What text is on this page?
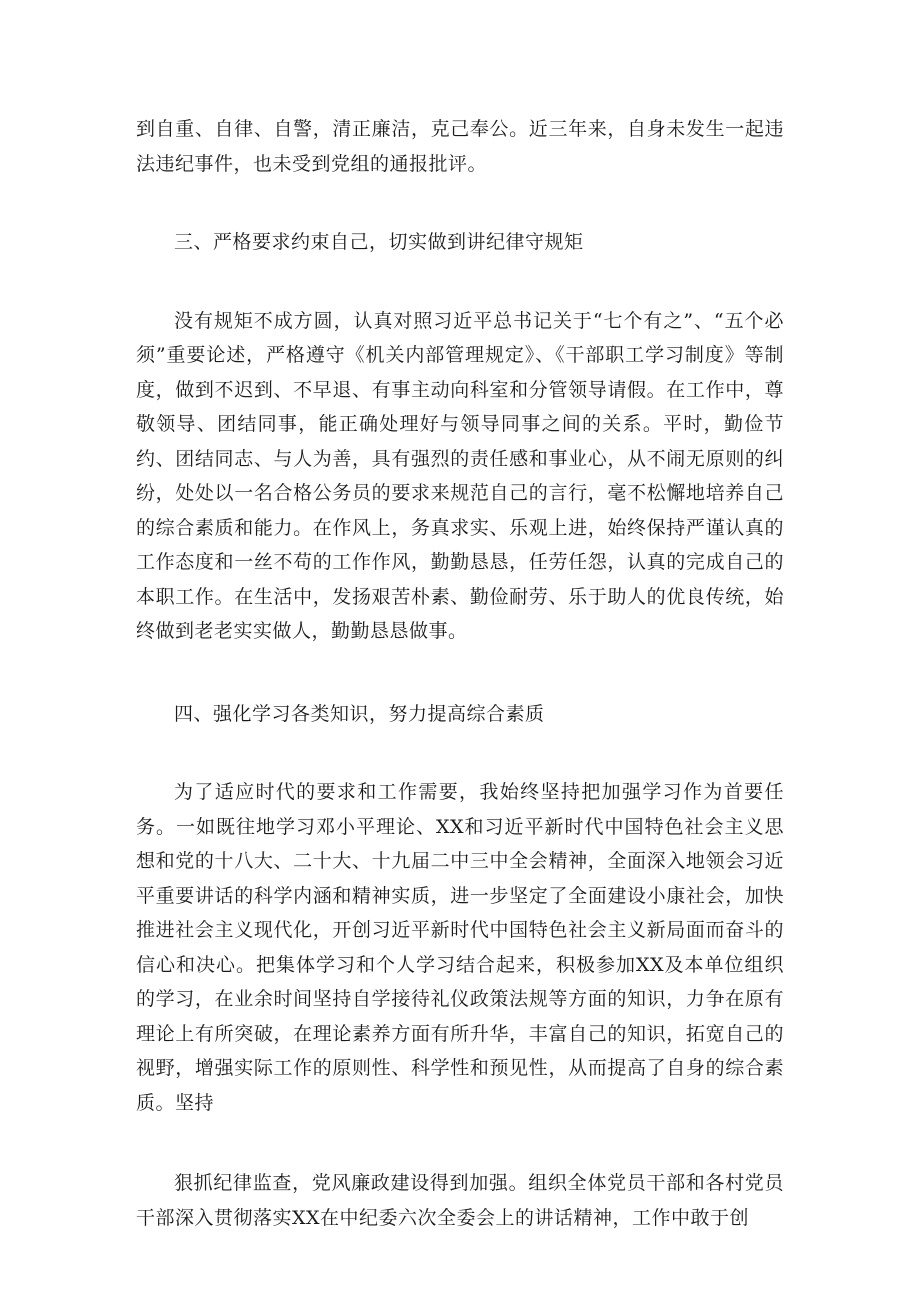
到自重、自律、自警，清正廉洁，克己奉公。近三年来，自身未发生一起违法违纪事件，也未受到党组的通报批评。

三、严格要求约束自己，切实做到讲纪律守规矩

没有规矩不成方圆，认真对照习近平总书记关于“七个有之”、“五个必须”重要论述，严格遵守《机关内部管理规定》、《干部职工学习制度》等制度，做到不迟到、不早退、有事主动向科室和分管领导请假。在工作中，尊敬领导、团结同事，能正确处理好与领导同事之间的关系。平时，勤俭节约、团结同志、与人为善，具有强烈的责任感和事业心，从不闹无原则的纠纷，处处以一名合格公务员的要求来规范自己的言行，毫不松懈地培养自己的综合素质和能力。在作风上，务真求实、乐观上进，始终保持严谨认真的工作态度和一丝不苟的工作作风，勤勤恳恳，任劳任怨，认真的完成自己的本职工作。在生活中，发扬艰苦朴素、勤俭耐劳、乐于助人的优良传统，始终做到老老实实做人，勤勤恳恳做事。

四、强化学习各类知识，努力提高综合素质

为了适应时代的要求和工作需要，我始终坚持把加强学习作为首要任务。一如既往地学习邓小平理论、XX和习近平新时代中国特色社会主义思想和党的十八大、二十大、十九届二中三中全会精神，全面深入地领会习近平重要讲话的科学内涵和精神实质，进一步坚定了全面建设小康社会，加快推进社会主义现代化，开创习近平新时代中国特色社会主义新局面而奋斗的信心和决心。把集体学习和个人学习结合起来，积极参加XX及本单位组织的学习，在业余时间坚持自学接待礼仪政策法规等方面的知识，力争在原有理论上有所突破，在理论素养方面有所升华，丰富自己的知识，拓宽自己的视野，增强实际工作的原则性、科学性和预见性，从而提高了自身的综合素质。坚持

狠抓纪律监查，党风廉政建设得到加强。组织全体党员干部和各村党员干部深入贯彻落实XX在中纪委六次全委会上的讲话精神，工作中敢于创
